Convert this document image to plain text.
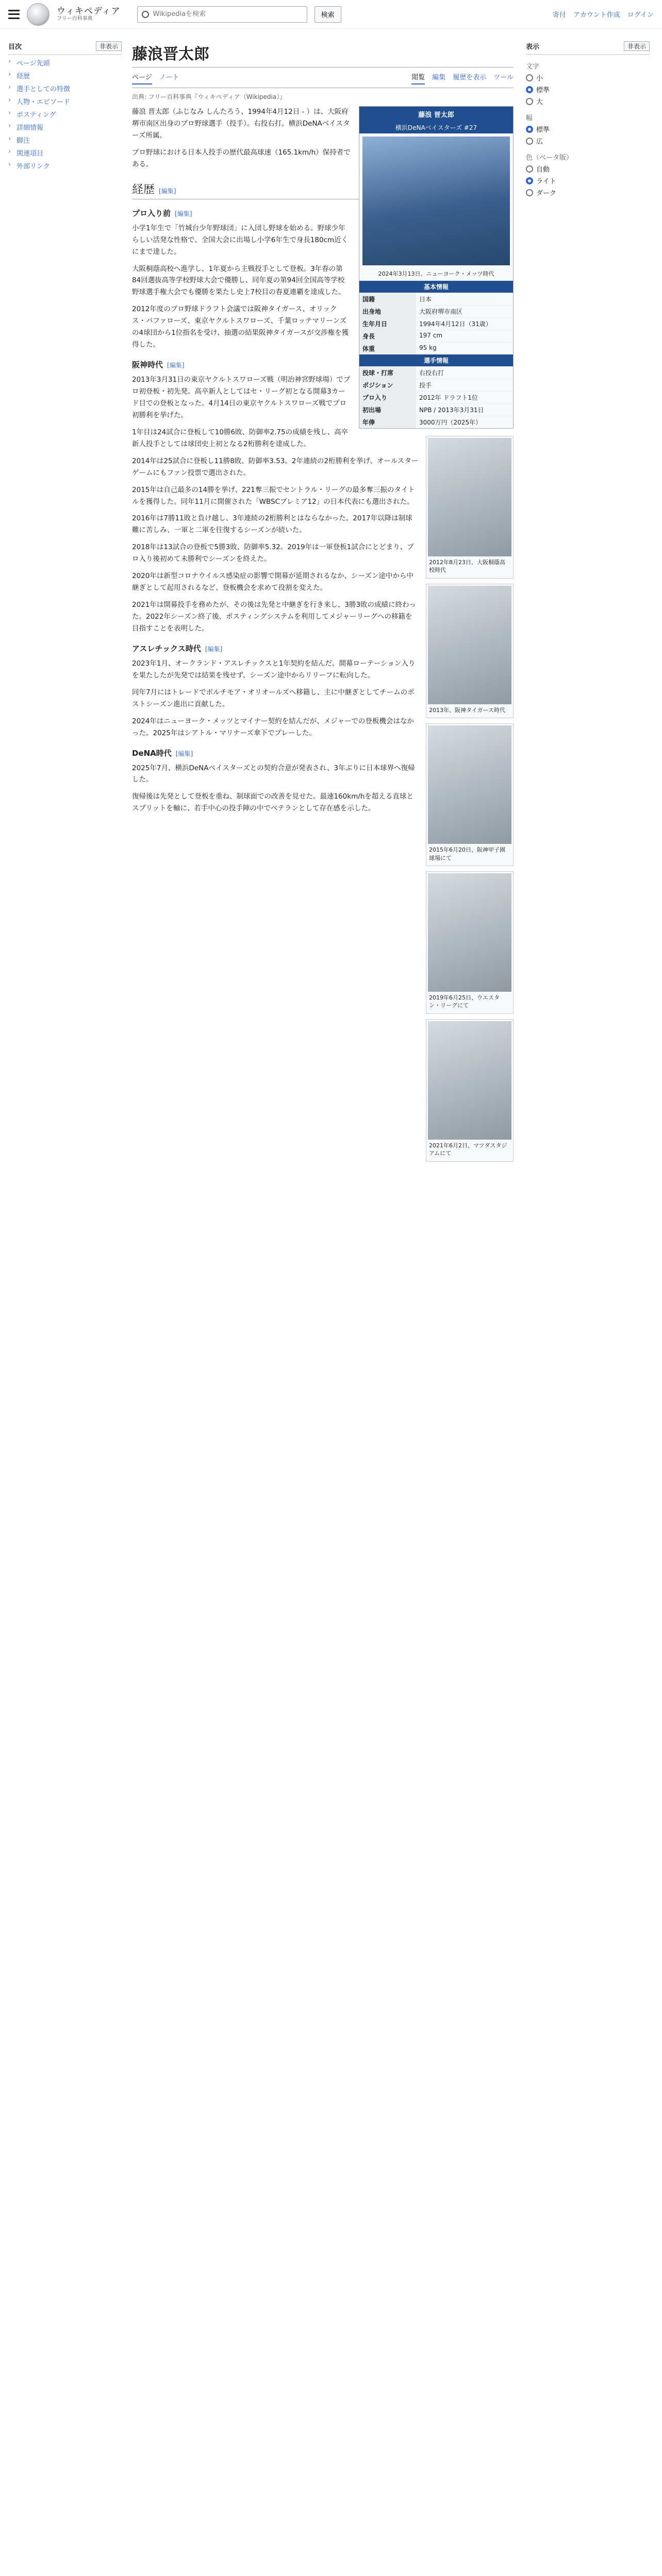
ウィキペディア
フリー百科事典
Wikipediaを検索	検索	寄付 アカウント作成 ログイン
目次	非表示
› ページ先頭
› 経歴
› 選手としての特徴
› 人物・エピソード
› ポスティング
› 詳細情報
› 脚注
› 関連項目
› 外部リンク
藤浪晋太郎
ページ ノート	閲覧 編集 履歴を表示 ツール
出典: フリー百科事典『ウィキペディア（Wikipedia）』
藤浪 晋太郎
横浜DeNAベイスターズ #27
2024年3月13日、ニューヨーク・メッツ時代
基本情報
国籍	日本
出身地	大阪府堺市南区
生年月日	1994年4月12日（31歳）
身長	197 cm
体重	95 kg
選手情報
投球・打席	右投右打
ポジション	投手
プロ入り	2012年 ドラフト1位
初出場	NPB / 2013年3月31日
年俸	3000万円（2025年）

藤浪 晋太郎（ふじなみ しんたろう、1994年4月12日 - ）は、大阪府堺市南区出身のプロ野球選手（投手）。右投右打。横浜DeNAベイスターズ所属。

プロ野球における日本人投手の歴代最高球速（165.1km/h）保持者である。

経歴 [編集]
プロ入り前 [編集]
2012年8月23日、大阪桐蔭高校時代

小学1年生で「竹城台少年野球団」に入団し野球を始める。野球少年らしい活発な性格で、全国大会に出場し小学6年生で身長180cm近くにまで達した。

大阪桐蔭高校へ進学し、1年夏から主戦投手として登板。3年春の第84回選抜高等学校野球大会で優勝し、同年夏の第94回全国高等学校野球選手権大会でも優勝を果たし史上7校目の春夏連覇を達成した。

2013年、阪神タイガース時代

2012年度のプロ野球ドラフト会議では阪神タイガース、オリックス・バファローズ、東京ヤクルトスワローズ、千葉ロッテマリーンズの4球団から1位指名を受け、抽選の結果阪神タイガースが交渉権を獲得した。

阪神時代 [編集]
2015年6月20日、阪神甲子園球場にて

2013年3月31日の東京ヤクルトスワローズ戦（明治神宮野球場）でプロ初登板・初先発。高卒新人としてはセ・リーグ初となる開幕3カード目での登板となった。4月14日の東京ヤクルトスワローズ戦でプロ初勝利を挙げた。

1年目は24試合に登板して10勝6敗、防御率2.75の成績を残し、高卒新人投手としては球団史上初となる2桁勝利を達成した。

2019年6月25日、ウエスタン・リーグにて

2014年は25試合に登板し11勝8敗、防御率3.53。2年連続の2桁勝利を挙げ、オールスターゲームにもファン投票で選出された。

2015年は自己最多の14勝を挙げ、221奪三振でセントラル・リーグの最多奪三振のタイトルを獲得した。同年11月に開催された「WBSCプレミア12」の日本代表にも選出された。

2021年6月2日、マツダスタジアムにて

2016年は7勝11敗と負け越し、3年連続の2桁勝利とはならなかった。2017年以降は制球難に苦しみ、一軍と二軍を往復するシーズンが続いた。

2018年は13試合の登板で5勝3敗、防御率5.32。2019年は一軍登板1試合にとどまり、プロ入り後初めて未勝利でシーズンを終えた。

2020年は新型コロナウイルス感染症の影響で開幕が延期されるなか、シーズン途中から中継ぎとして起用されるなど、登板機会を求めて役割を変えた。

2021年は開幕投手を務めたが、その後は先発と中継ぎを行き来し、3勝3敗の成績に終わった。2022年シーズン終了後、ポスティングシステムを利用してメジャーリーグへの移籍を目指すことを表明した。

アスレチックス時代 [編集]

2023年1月、オークランド・アスレチックスと1年契約を結んだ。開幕ローテーション入りを果たしたが先発では結果を残せず、シーズン途中からリリーフに転向した。

同年7月にはトレードでボルチモア・オリオールズへ移籍し、主に中継ぎとしてチームのポストシーズン進出に貢献した。

2024年はニューヨーク・メッツとマイナー契約を結んだが、メジャーでの登板機会はなかった。2025年はシアトル・マリナーズ傘下でプレーした。

DeNA時代 [編集]

2025年7月、横浜DeNAベイスターズとの契約合意が発表され、3年ぶりに日本球界へ復帰した。

復帰後は先発として登板を重ね、制球面での改善を見せた。最速160km/hを超える直球とスプリットを軸に、若手中心の投手陣の中でベテランとして存在感を示した。

表示	非表示
文字
小
標準
大
幅
標準
広
色（ベータ版）
自動
ライト
ダーク
